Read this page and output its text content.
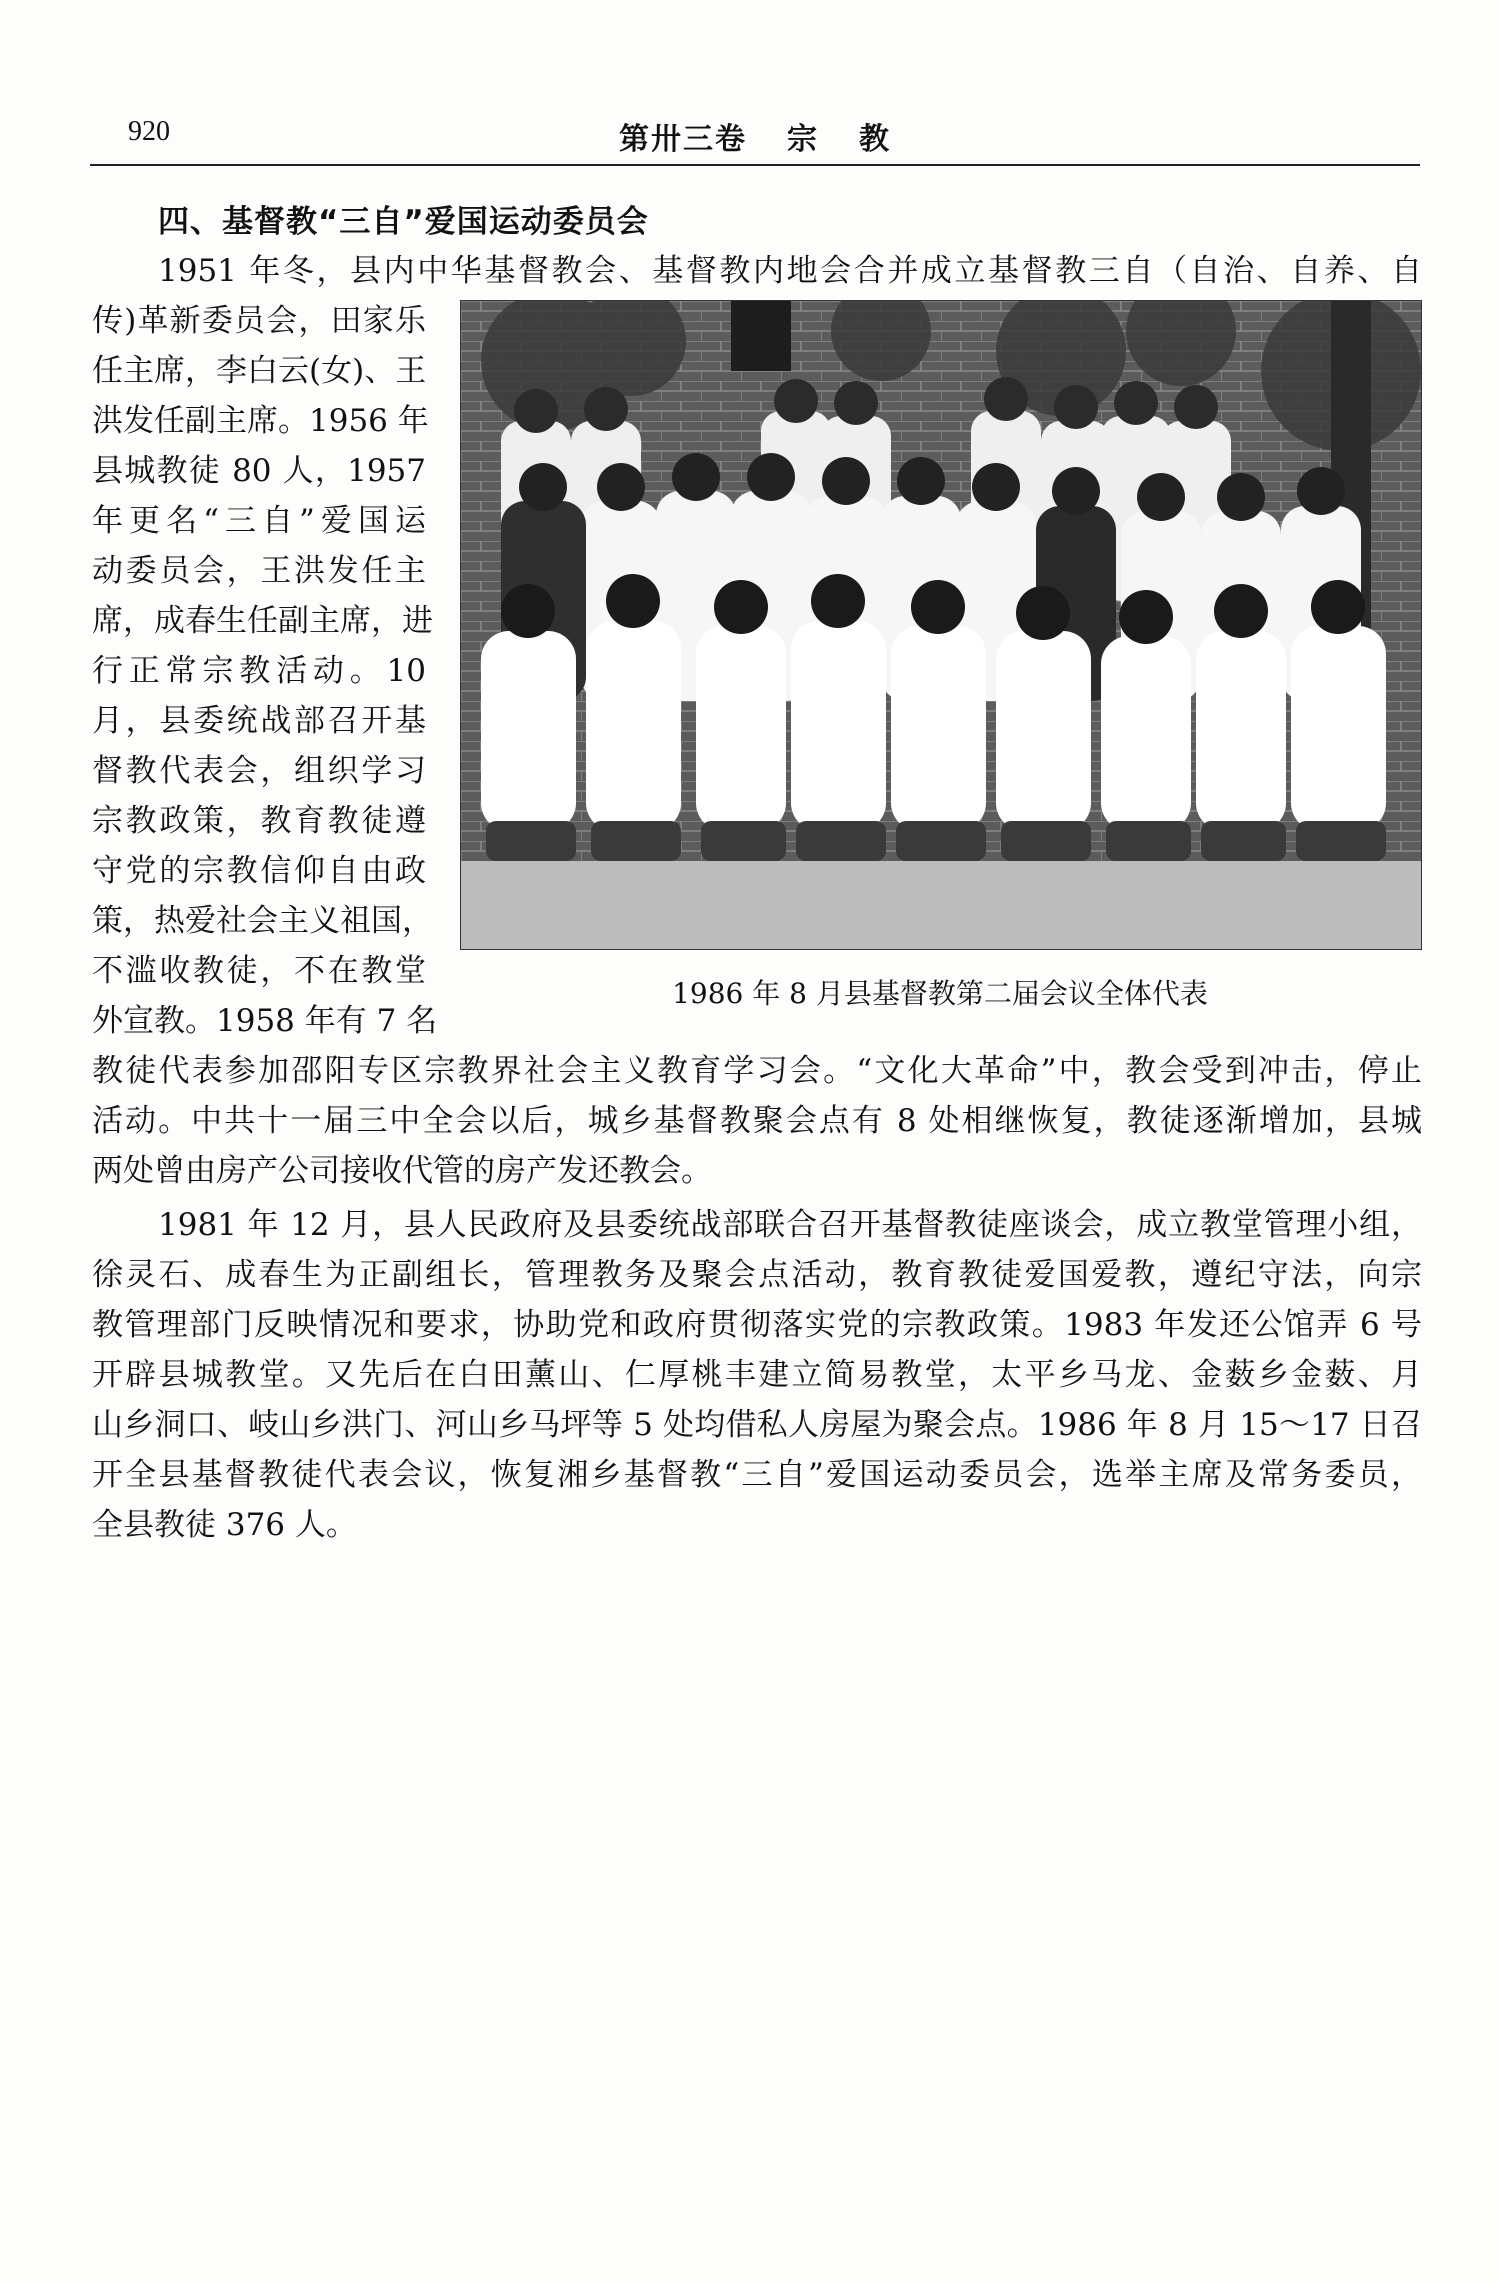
920	第卅三卷 宗 教
四、基督教“三自”爱国运动委员会
1951 年冬，县内中华基督教会、基督教内地会合并成立基督教三自（自治、自养、自
传)革新委员会，田家乐
任主席，李白云(女)、王
洪发任副主席。1956 年
县城教徒 80 人，1957
年更名“三自”爱国运
动委员会，王洪发任主
席，成春生任副主席，进
行正常宗教活动。10
月，县委统战部召开基
督教代表会，组织学习
宗教政策，教育教徒遵
守党的宗教信仰自由政
策，热爱社会主义祖国，
不滥收教徒，不在教堂
外宣教。1958 年有 7 名
教徒代表参加邵阳专区宗教界社会主义教育学习会。“文化大革命”中，教会受到冲击，停止
活动。中共十一届三中全会以后，城乡基督教聚会点有 8 处相继恢复，教徒逐渐增加，县城
两处曾由房产公司接收代管的房产发还教会。
1981 年 12 月，县人民政府及县委统战部联合召开基督教徒座谈会，成立教堂管理小组，
徐灵石、成春生为正副组长，管理教务及聚会点活动，教育教徒爱国爱教，遵纪守法，向宗
教管理部门反映情况和要求，协助党和政府贯彻落实党的宗教政策。1983 年发还公馆弄 6 号
开辟县城教堂。又先后在白田薰山、仁厚桃丰建立简易教堂，太平乡马龙、金薮乡金薮、月
山乡洞口、岐山乡洪门、河山乡马坪等 5 处均借私人房屋为聚会点。1986 年 8 月 15～17 日召
开全县基督教徒代表会议，恢复湘乡基督教“三自”爱国运动委员会，选举主席及常务委员，
全县教徒 376 人。
1986 年 8 月县基督教第二届会议全体代表
